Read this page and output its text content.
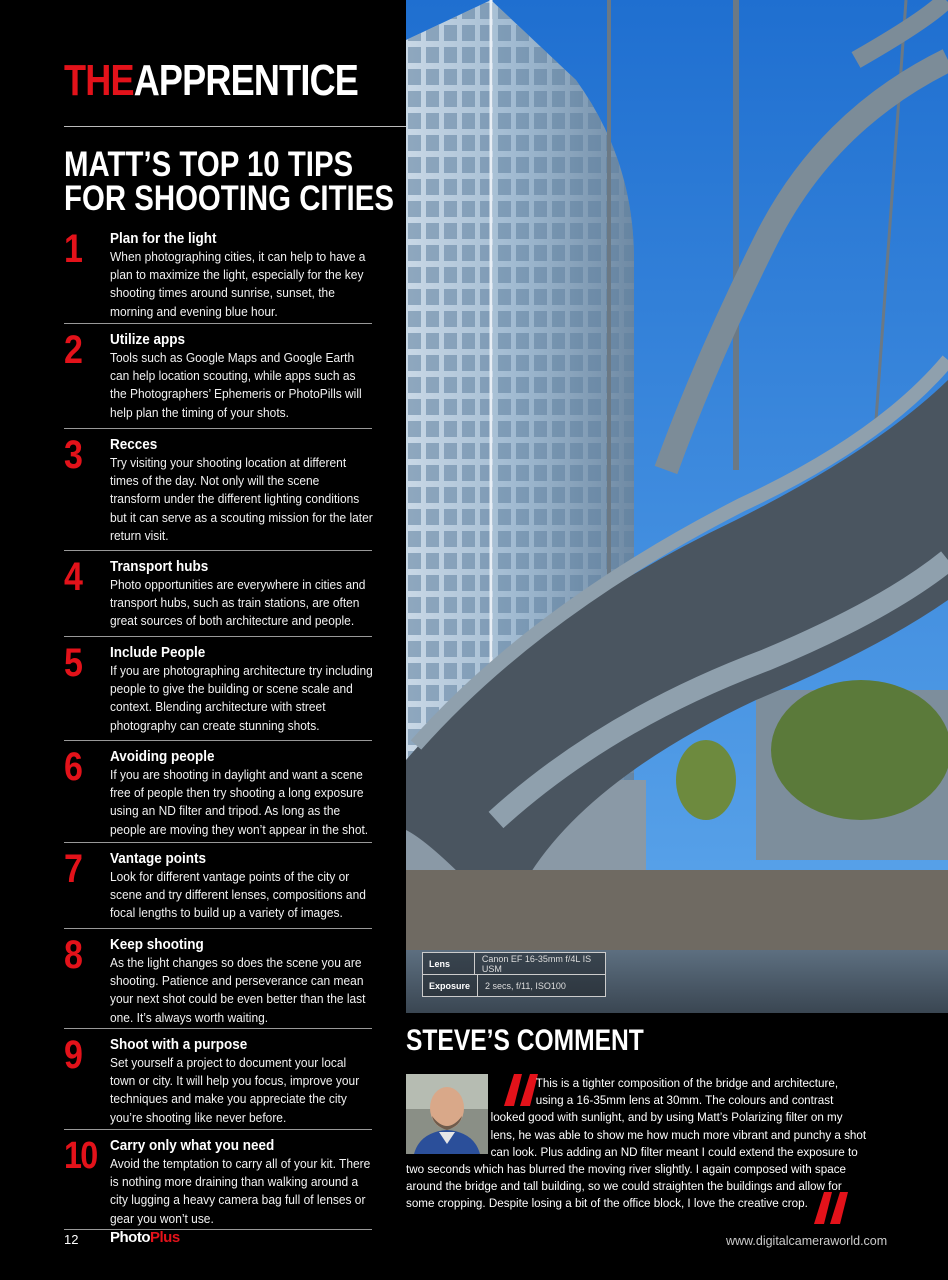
THEAPPRENTICE
MATT’S TOP 10 TIPS
FOR SHOOTING CITIES
1 Plan for the light
When photographing cities, it can help to have a plan to maximize the light, especially for the key shooting times around sunrise, sunset, the morning and evening blue hour.
2 Utilize apps
Tools such as Google Maps and Google Earth can help location scouting, while apps such as the Photographers’ Ephemeris or PhotoPills will help plan the timing of your shots.
3 Recces
Try visiting your shooting location at different times of the day. Not only will the scene transform under the different lighting conditions but it can serve as a scouting mission for the later return visit.
4 Transport hubs
Photo opportunities are everywhere in cities and transport hubs, such as train stations, are often great sources of both architecture and people.
5 Include People
If you are photographing architecture try including people to give the building or scene scale and context. Blending architecture with street photography can create stunning shots.
6 Avoiding people
If you are shooting in daylight and want a scene free of people then try shooting a long exposure using an ND filter and tripod. As long as the people are moving they won’t appear in the shot.
7 Vantage points
Look for different vantage points of the city or scene and try different lenses, compositions and focal lengths to build up a variety of images.
8 Keep shooting
As the light changes so does the scene you are shooting. Patience and perseverance can mean your next shot could be even better than the last one. It’s always worth waiting.
9 Shoot with a purpose
Set yourself a project to document your local town or city. It will help you focus, improve your techniques and make you appreciate the city you’re shooting like never before.
10 Carry only what you need
Avoid the temptation to carry all of your kit. There is nothing more draining than walking around a city lugging a heavy camera bag full of lenses or gear you won’t use.
Lens	Canon EF 16-35mm f/4L IS USM
Exposure	2 secs, f/11, ISO100
STEVE’S COMMENT
This is a tighter composition of the bridge and architecture,
using a 16-35mm lens at 30mm. The colours and contrast
looked good with sunlight, and by using Matt’s Polarizing filter on my
lens, he was able to show me how much more vibrant and punchy a shot
can look. Plus adding an ND filter meant I could extend the exposure to
two seconds which has blurred the moving river slightly. I again composed with space
around the bridge and tall building, so we could straighten the buildings and allow for
some cropping. Despite losing a bit of the office block, I love the creative crop.
12 PhotoPlus	www.digitalcameraworld.com
